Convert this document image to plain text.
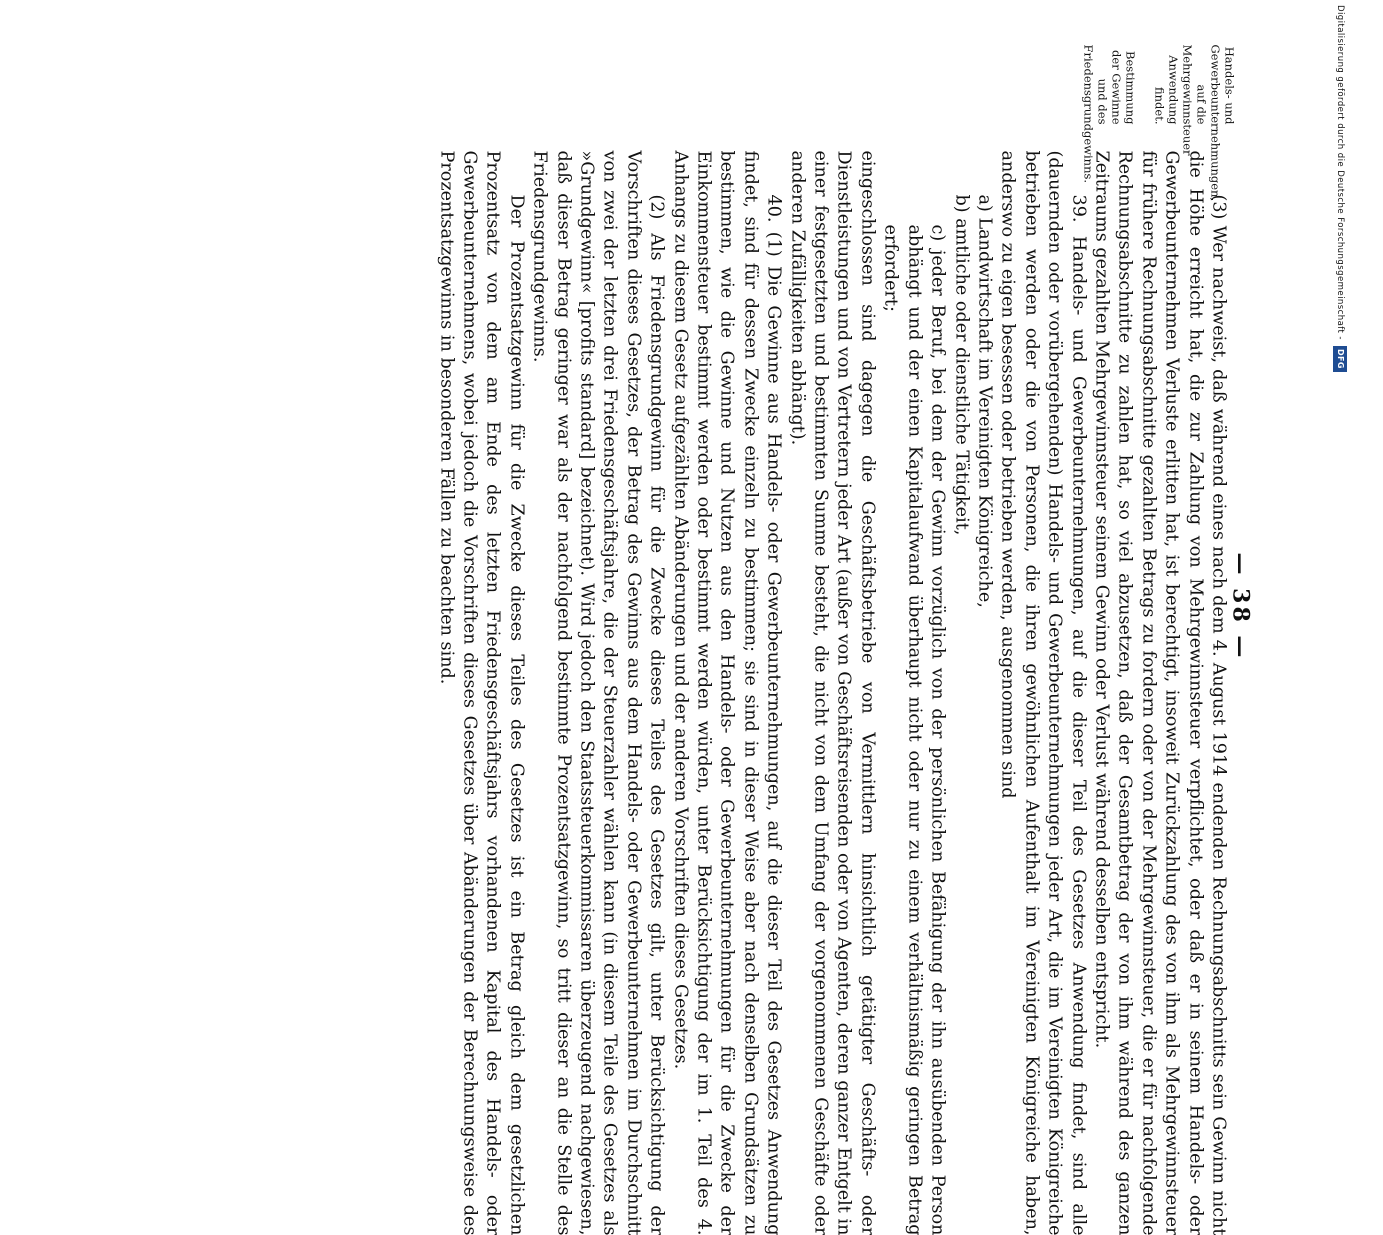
— 38 —
Handels- und Gewerbeunternehmungen, auf die Mehrgewinnsteuer Anwendung findet.
Bestimmung der Gewinne und des Friedensgrundgewinns.

(3) Wer nachweist, daß während eines nach dem 4. August 1914 endenden Rechnungsabschnitts sein Gewinn nicht die Höhe erreicht hat, die zur Zahlung von Mehrgewinnsteuer verpflichtet, oder daß er in seinem Handels- oder Gewerbeunternehmen Verluste erlitten hat, ist berechtigt, insoweit Zurückzahlung des von ihm als Mehrgewinnsteuer für frühere Rechnungsabschnitte gezahlten Betrags zu fordern oder von der Mehrgewinnsteuer, die er für nachfolgende Rechnungsabschnitte zu zahlen hat, so viel abzusetzen, daß der Gesamtbetrag der von ihm während des ganzen Zeitraums gezahlten Mehrgewinnsteuer seinem Gewinn oder Verlust während desselben entspricht.

39. Handels- und Gewerbeunternehmungen, auf die dieser Teil des Gesetzes Anwendung findet, sind alle (dauernden oder vorübergehenden) Handels- und Gewerbeunternehmungen jeder Art, die im Vereinigten Königreiche betrieben werden oder die von Personen, die ihren gewöhnlichen Aufenthalt im Vereinigten Königreiche haben, anderswo zu eigen besessen oder betrieben werden, ausgenommen sind

a) Landwirtschaft im Vereinigten Königreiche,

b) amtliche oder dienstliche Tätigkeit,

c) jeder Beruf, bei dem der Gewinn vorzüglich von der persönlichen Befähigung der ihn ausübenden Person abhängt und der einen Kapitalaufwand überhaupt nicht oder nur zu einem verhältnismäßig geringen Betrag erfordert;

eingeschlossen sind dagegen die Geschäftsbetriebe von Vermittlern hinsichtlich getätigter Geschäfts- oder Dienstleistungen und von Vertretern jeder Art (außer von Geschäftsreisenden oder von Agenten, deren ganzer Entgelt in einer festgesetzten und bestimmten Summe besteht, die nicht von dem Umfang der vorgenommenen Geschäfte oder anderen Zufälligkeiten abhängt).

40. (1) Die Gewinne aus Handels- oder Gewerbeunternehmungen, auf die dieser Teil des Gesetzes Anwendung findet, sind für dessen Zwecke einzeln zu bestimmen; sie sind in dieser Weise aber nach denselben Grundsätzen zu bestimmen, wie die Gewinne und Nutzen aus den Handels- oder Gewerbeunternehmungen für die Zwecke der Einkommensteuer bestimmt werden oder bestimmt werden würden, unter Berücksichtigung der im 1. Teil des 4. Anhangs zu diesem Gesetz aufgezählten Abänderungen und der anderen Vorschriften dieses Gesetzes.

(2) Als Friedensgrundgewinn für die Zwecke dieses Teiles des Gesetzes gilt, unter Berücksichtigung der Vorschriften dieses Gesetzes, der Betrag des Gewinns aus dem Handels- oder Gewerbeunternehmen im Durchschnitt von zwei der letzten drei Friedensgeschäftsjahre, die der Steuerzahler wählen kann (in diesem Teile des Gesetzes als »Grundgewinn« [profits standard] bezeichnet). Wird jedoch den Staatssteuerkommissaren überzeugend nachgewiesen, daß dieser Betrag geringer war als der nachfolgend bestimmte Prozentsatzgewinn, so tritt dieser an die Stelle des Friedensgrundgewinns.

Der Prozentsatzgewinn für die Zwecke dieses Teiles des Gesetzes ist ein Betrag gleich dem gesetzlichen Prozentsatz von dem am Ende des letzten Friedensgeschäftsjahrs vorhandenen Kapital des Handels- oder Gewerbeunternehmens, wobei jedoch die Vorschriften dieses Gesetzes über Abänderungen der Berechnungsweise des Prozentsatzgewinns in besonderen Fällen zu beachten sind.	Digitalisierung gefördert durch die Deutsche Forschungsgemeinschaft -DFG
